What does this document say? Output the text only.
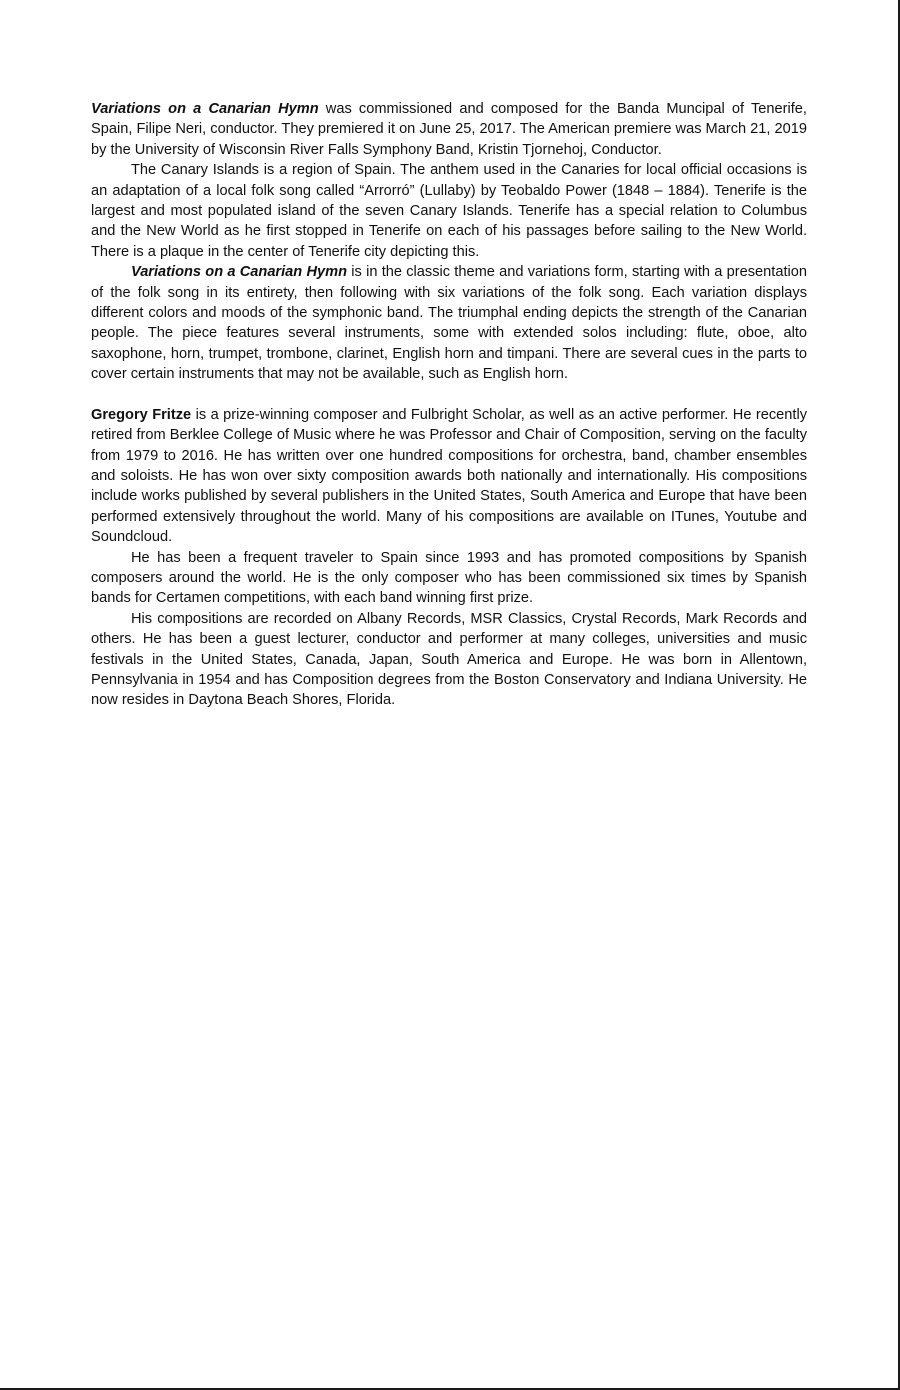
Variations on a Canarian Hymn was commissioned and composed for the Banda Muncipal of Tenerife, Spain, Filipe Neri, conductor. They premiered it on June 25, 2017. The American premiere was March 21, 2019 by the University of Wisconsin River Falls Symphony Band, Kristin Tjornehoj, Conductor.

The Canary Islands is a region of Spain. The anthem used in the Canaries for local official occasions is an adaptation of a local folk song called “Arrorró” (Lullaby) by Teobaldo Power (1848 – 1884). Tenerife is the largest and most populated island of the seven Canary Islands. Tenerife has a special relation to Columbus and the New World as he first stopped in Tenerife on each of his passages before sailing to the New World. There is a plaque in the center of Tenerife city depicting this.

Variations on a Canarian Hymn is in the classic theme and variations form, starting with a presentation of the folk song in its entirety, then following with six variations of the folk song. Each variation displays different colors and moods of the symphonic band. The triumphal ending depicts the strength of the Canarian people. The piece features several instruments, some with extended solos including: flute, oboe, alto saxophone, horn, trumpet, trombone, clarinet, English horn and timpani. There are several cues in the parts to cover certain instruments that may not be available, such as English horn.

Gregory Fritze is a prize-winning composer and Fulbright Scholar, as well as an active performer. He recently retired from Berklee College of Music where he was Professor and Chair of Composition, serving on the faculty from 1979 to 2016. He has written over one hundred compositions for orchestra, band, chamber ensembles and soloists. He has won over sixty composition awards both nationally and internationally. His compositions include works published by several publishers in the United States, South America and Europe that have been performed extensively throughout the world. Many of his compositions are available on ITunes, Youtube and Soundcloud.

He has been a frequent traveler to Spain since 1993 and has promoted compositions by Spanish composers around the world. He is the only composer who has been commissioned six times by Spanish bands for Certamen competitions, with each band winning first prize.

His compositions are recorded on Albany Records, MSR Classics, Crystal Records, Mark Records and others. He has been a guest lecturer, conductor and performer at many colleges, universities and music festivals in the United States, Canada, Japan, South America and Europe. He was born in Allentown, Pennsylvania in 1954 and has Composition degrees from the Boston Conservatory and Indiana University. He now resides in Daytona Beach Shores, Florida.
